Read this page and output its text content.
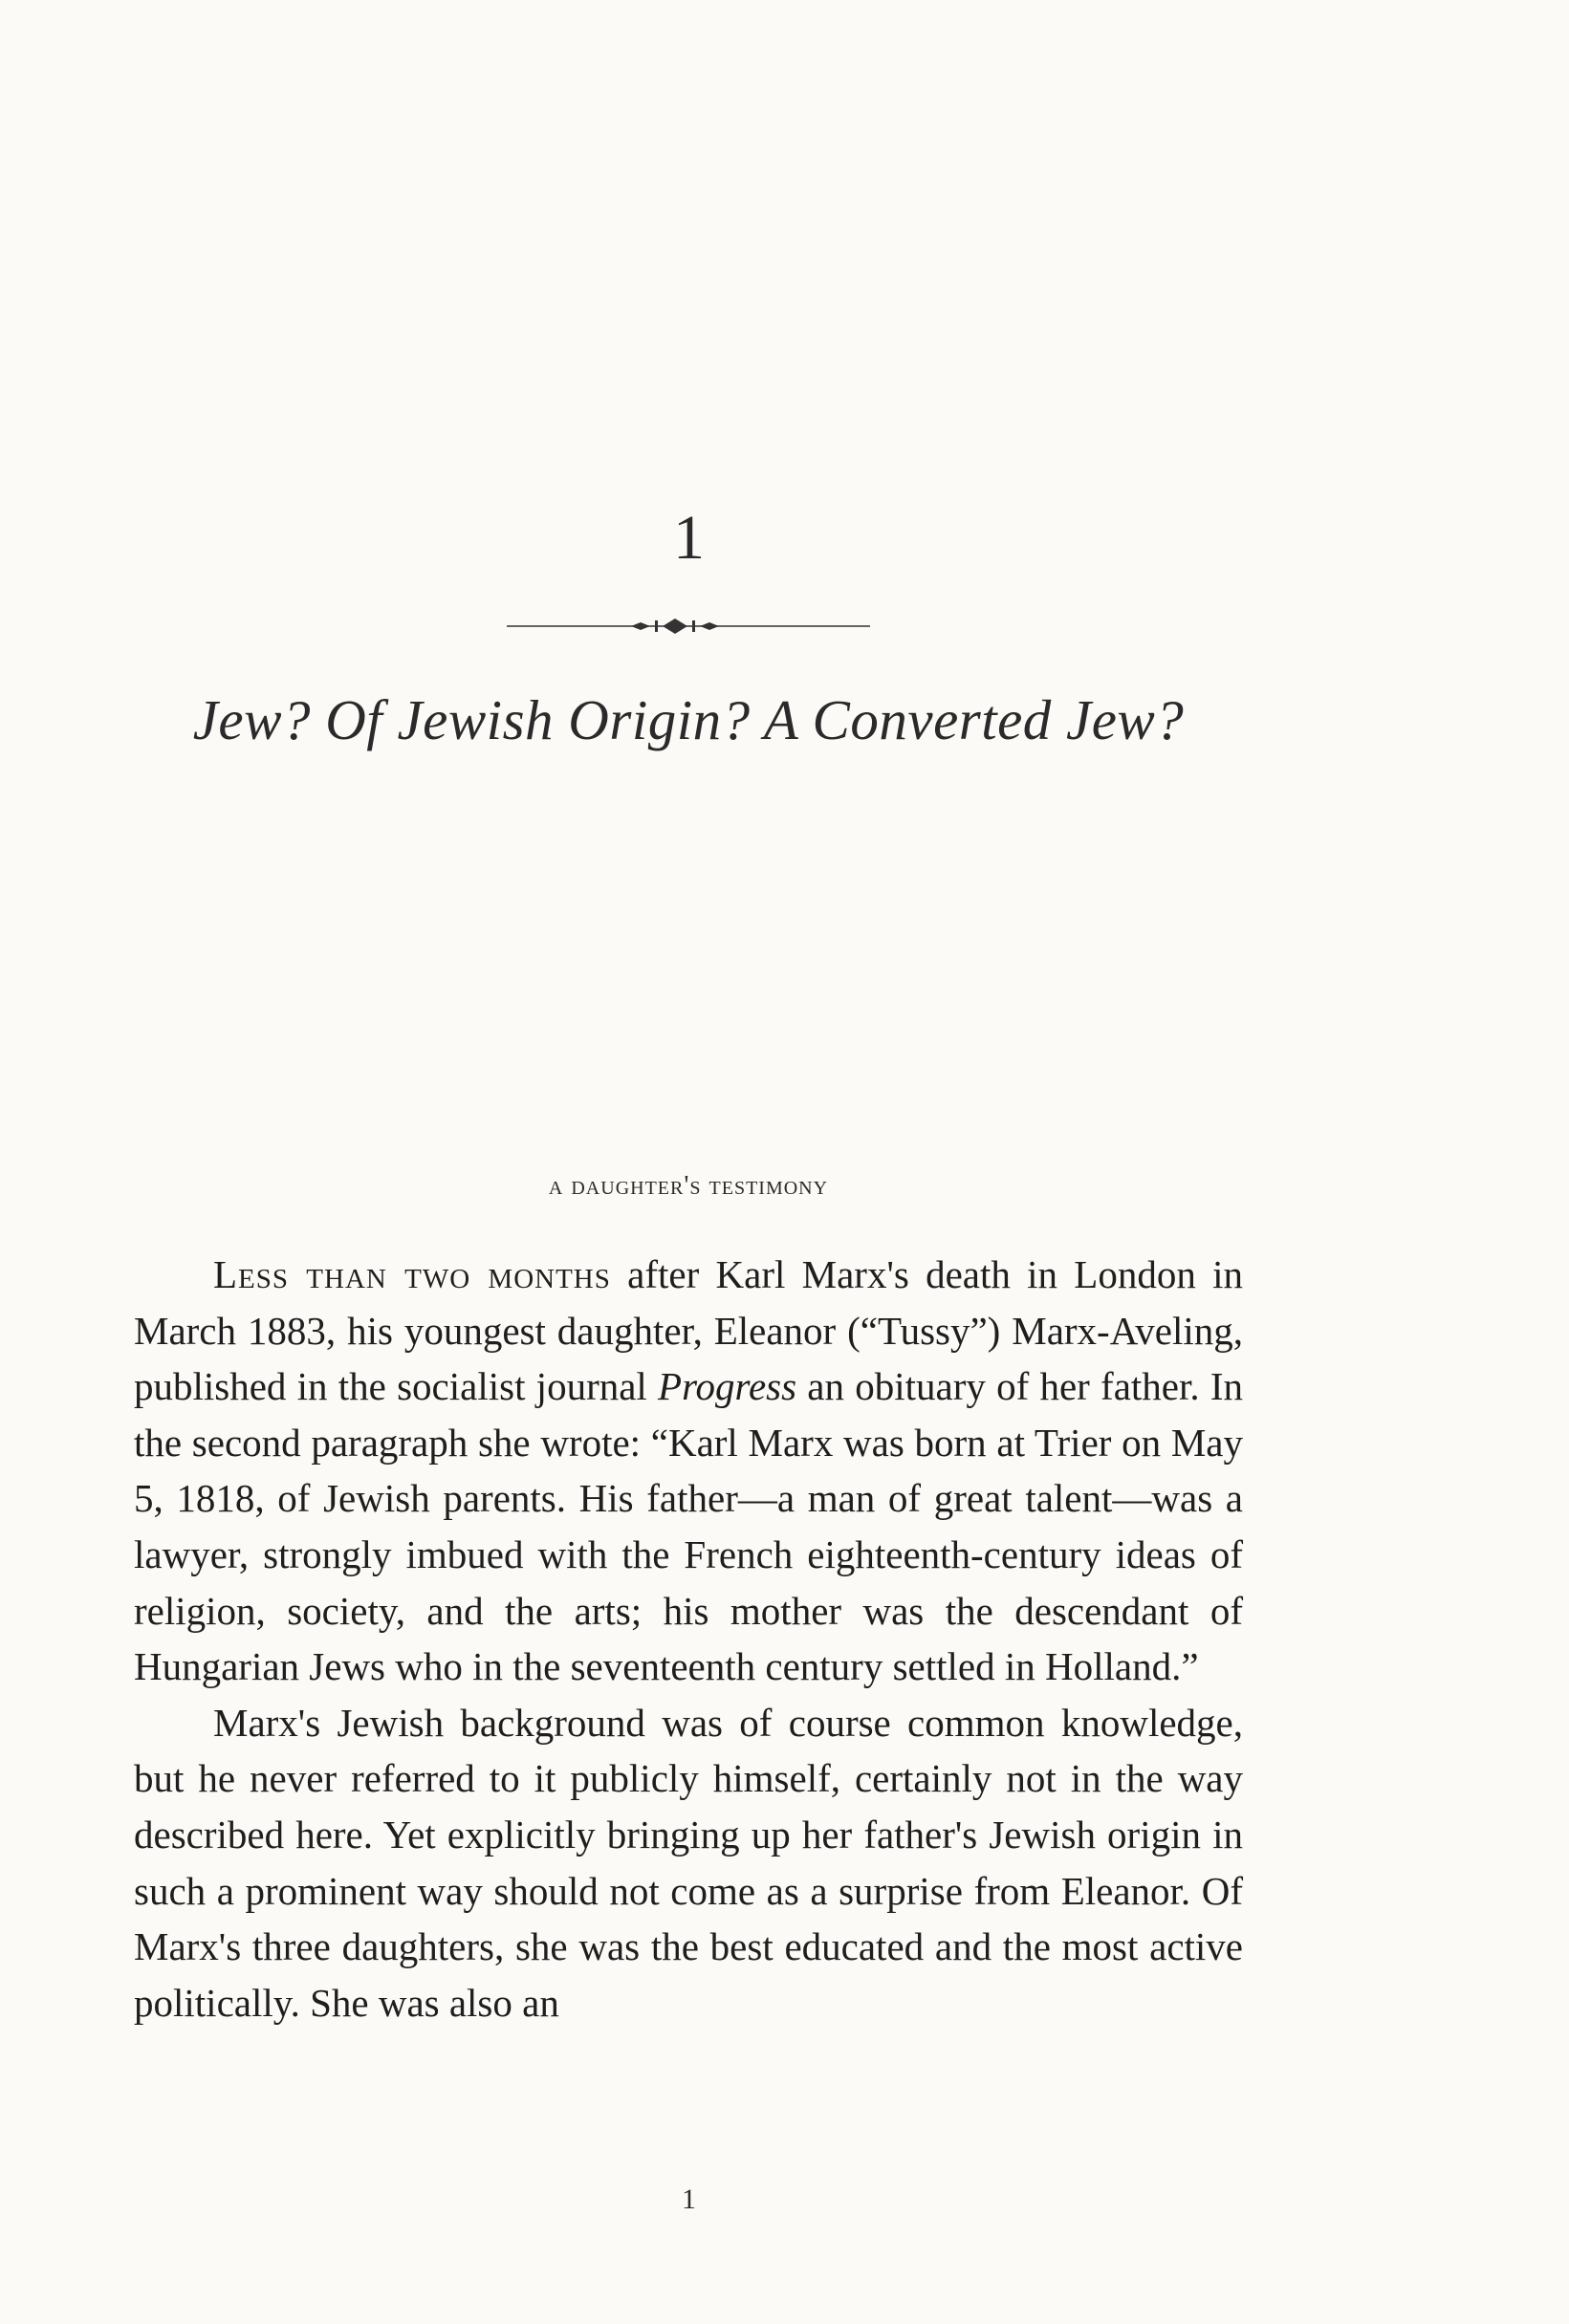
1
Jew? Of Jewish Origin? A Converted Jew?
a daughter's testimony

Less than two months after Karl Marx's death in London in March 1883, his youngest daughter, Eleanor (“Tussy”) Marx-Aveling, published in the socialist journal Progress an obituary of her father. In the second paragraph she wrote: “Karl Marx was born at Trier on May 5, 1818, of Jewish parents. His father—a man of great talent—was a lawyer, strongly imbued with the French eighteenth-century ideas of religion, society, and the arts; his mother was the descendant of Hungarian Jews who in the seventeenth century settled in Holland.”

Marx's Jewish background was of course common knowledge, but he never referred to it publicly himself, certainly not in the way described here. Yet explicitly bringing up her father's Jewish origin in such a prominent way should not come as a surprise from Eleanor. Of Marx's three daughters, she was the best educated and the most active politically. She was also an

1
